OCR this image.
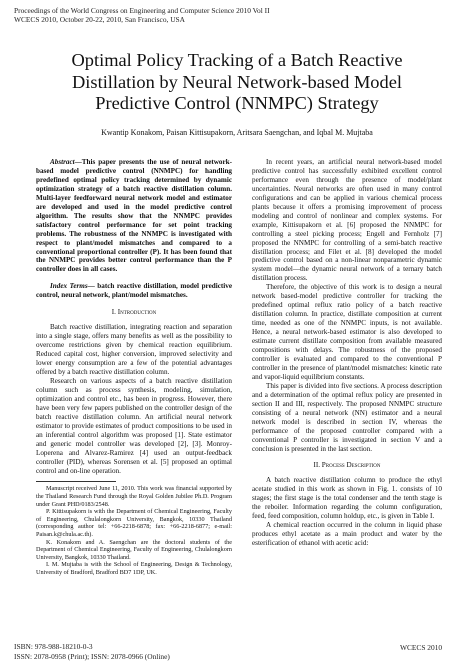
Proceedings of the World Congress on Engineering and Computer Science 2010 Vol II
WCECS 2010, October 20-22, 2010, San Francisco, USA
Optimal Policy Tracking of a Batch Reactive
Distillation by Neural Network-based Model
Predictive Control (NNMPC) Strategy
Kwantip Konakom, Paisan Kittisupakorn, Aritsara Saengchan, and Iqbal M. Mujtaba

Abstract—This paper presents the use of neural network-based model predictive control (NNMPC) for handling predefined optimal policy tracking determined by dynamic optimization strategy of a batch reactive distillation column. Multi-layer feedforward neural network model and estimator are developed and used in the model predictive control algorithm. The results show that the NNMPC provides satisfactory control performance for set point tracking problems. The robustness of the NNMPC is investigated with respect to plant/model mismatches and compared to a conventional proportional controller (P). It has been found that the NNMPC provides better control performance than the P controller does in all cases.

Index Terms— batch reactive distillation, model predictive control, neural network, plant/model mismatches.

I. Introduction

Batch reactive distillation, integrating reaction and separation into a single stage, offers many benefits as well as the possibility to overcome restrictions given by chemical reaction equilibrium. Reduced capital cost, higher conversion, improved selectivity and lower energy consumption are a few of the potential advantages offered by a batch reactive distillation column.

Research on various aspects of a batch reactive distillation column such as process synthesis, modeling, simulation, optimization and control etc., has been in progress. However, there have been very few papers published on the controller design of the batch reactive distillation column. An artificial neural network estimator to provide estimates of product compositions to be used in an inferential control algorithm was proposed [1]. State estimator and generic model controller was developed [2], [3]. Monroy-Loperena and Alvarez-Ramirez [4] used an output-feedback controller (PID), whereas Sorensen et al. [5] proposed an optimal control and on-line operation.

Manuscript received June 11, 2010. This work was financial supported by the Thailand Research Fund through the Royal Golden Jubilee Ph.D. Program under Grant PHD/0183/2548.

P. Kittisupakorn is with the Department of Chemical Engineering, Faculty of Engineering, Chulalongkorn University, Bangkok, 10330 Thailand (corresponding author tel: +66-2218-6878; fax: +66-2218-6877; e-mail: Paisan.k@chula.ac.th).

K. Konakom and A. Saengchan are the doctoral students of the Department of Chemical Engineering, Faculty of Engineering, Chulalongkorn University, Bangkok, 10330 Thailand.

I. M. Mujtaba is with the School of Engineering, Design & Technology, University of Bradford, Bradford BD7 1DP, UK.

In recent years, an artificial neural network-based model predictive control has successfully exhibited excellent control performance even through the presence of model/plant uncertainties. Neural networks are often used in many control configurations and can be applied in various chemical process plants because it offers a promising improvement of process modeling and control of nonlinear and complex systems. For example, Kittisupakorn et al. [6] proposed the NNMPC for controlling a steel picking process; Engell and Fernholz [7] proposed the NNMPC for controlling of a semi-batch reactive distillation process; and Filet et al. [8] developed the model predictive control based on a non-linear nonparametric dynamic system model—the dynamic neural network of a ternary batch distillation process.

Therefore, the objective of this work is to design a neural network based-model predictive controller for tracking the predefined optimal reflux ratio policy of a batch reactive distillation column. In practice, distillate composition at current time, needed as one of the NNMPC inputs, is not available. Hence, a neural network-based estimator is also developed to estimate current distillate composition from available measured compositions with delays. The robustness of the proposed controller is evaluated and compared to the conventional P controller in the presence of plant/model mismatches: kinetic rate and vapor-liquid equilibrium constants.

This paper is divided into five sections. A process description and a determination of the optimal reflux policy are presented in section II and III, respectively. The proposed NNMPC structure consisting of a neural network (NN) estimator and a neural network model is described in section IV, whereas the performance of the proposed controller compared with a conventional P controller is investigated in section V and a conclusion is presented in the last section.

II. Process Description

A batch reactive distillation column to produce the ethyl acetate studied in this work as shown in Fig. 1. consists of 10 stages; the first stage is the total condenser and the tenth stage is the reboiler. Information regarding the column configuration, feed, feed composition, column holdup, etc., is given in Table I.

A chemical reaction occurred in the column in liquid phase produces ethyl acetate as a main product and water by the esterification of ethanol with acetic acid:

ISBN: 978-988-18210-0-3
ISSN: 2078-0958 (Print); ISSN: 2078-0966 (Online)
WCECS 2010
